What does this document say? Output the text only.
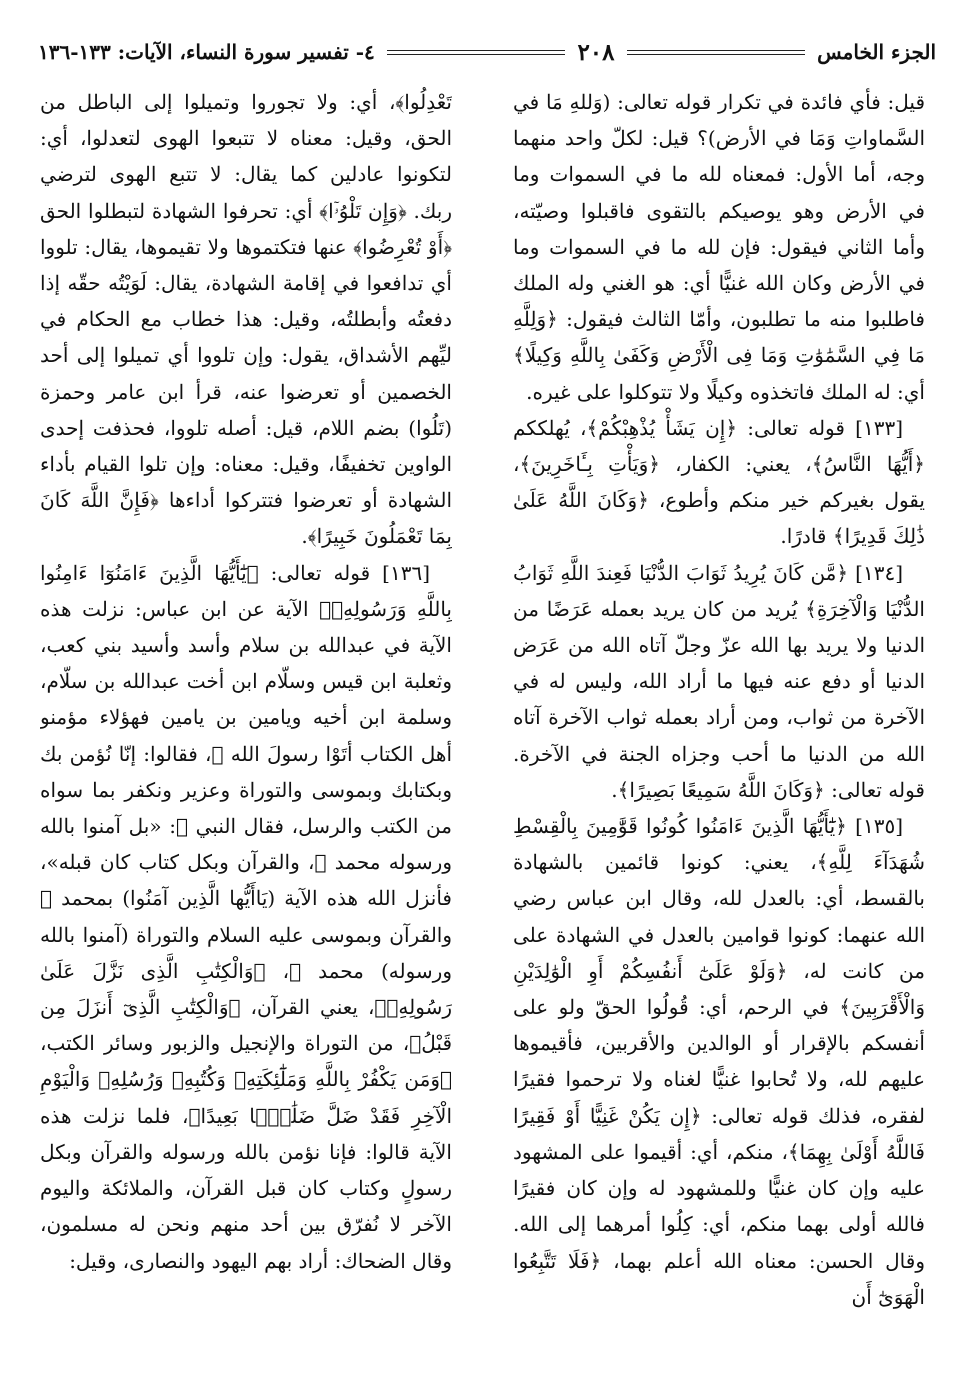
الجزء الخامس
٢٠٨
٤- تفسير سورة النساء، الآيات: ١٣٣-١٣٦

قيل: فأي فائدة في تكرار قوله تعالى: (وَللهِ مَا في السَّماواتِ وَمَا في الأرض)؟ قيل: لكلّ واحد منهما وجه، أما الأول: فمعناه لله ما في السموات وما في الأرض وهو يوصيكم بالتقوى فاقبلوا وصيّته، وأما الثاني فيقول: فإن لله ما في السموات وما في الأرض وكان الله غنيًّا أي: هو الغني وله الملك فاطلبوا منه ما تطلبون، وأمّا الثالث فيقول: ﴿وَلِلَّهِ مَا فِي السَّمَٰوَٰتِ وَمَا فِى الْأَرْضِ وَكَفَىٰ بِاللَّهِ وَكِيلًا﴾ أي: له الملك فاتخذوه وكيلًا ولا تتوكلوا على غيره.

[١٣٣] قوله تعالى: ﴿إِن يَشَأْ يُذْهِبْكُمْ﴾، يُهلككم ﴿أَيُّهَا النَّاسُ﴾، يعني: الكفار، ﴿وَيَأْتِ بِـَٔاخَرِينَ﴾، يقول بغيركم خير منكم وأطوع، ﴿وَكَانَ اللَّهُ عَلَىٰ ذَٰلِكَ قَدِيرًا﴾ قادرًا.

[١٣٤] ﴿مَّن كَانَ يُرِيدُ ثَوَابَ الدُّنْيَا فَعِندَ اللَّهِ ثَوَابُ الدُّنْيَا وَالْآخِرَةِ﴾ يُريد من كان يريد بعمله عَرَضًا من الدنيا ولا يريد بها الله عزّ وجلّ آتاه الله من عَرَض الدنيا أو دفع عنه فيها ما أراد الله، وليس له في الآخرة من ثواب، ومن أراد بعمله ثواب الآخرة آتاه الله من الدنيا ما أحب وجزاه الجنة في الآخرة. قوله تعالى: ﴿وَكَانَ اللَّهُ سَمِيعًا بَصِيرًا﴾.

[١٣٥] ﴿يَٰٓأَيُّهَا الَّذِينَ ءَامَنُوا كُونُوا قَوَّٰمِينَ بِالْقِسْطِ شُهَدَآءَ لِلَّهِ﴾، يعني: كونوا قائمين بالشهادة بالقسط، أي: بالعدل لله، وقال ابن عباس رضي الله عنهما: كونوا قوامين بالعدل في الشهادة على من كانت له، ﴿وَلَوْ عَلَىٰٓ أَنفُسِكُمْ أَوِ الْوَٰلِدَيْنِ وَالْأَقْرَبِينَ﴾ في الرحم، أي: قُولُوا الحقّ ولو على أنفسكم بالإقرار أو الوالدين والأقربين، فأقيموها عليهم لله، ولا تُحابوا غنيًّا لغناه ولا ترحموا فقيرًا لفقره، فذلك قوله تعالى: ﴿إِن يَكُنْ غَنِيًّا أَوْ فَقِيرًا فَاللَّهُ أَوْلَىٰ بِهِمَا﴾، منكم، أي: أقيموا على المشهود عليه وإن كان غنيًّا وللمشهود له وإن كان فقيرًا فالله أولى بهما منكم، أي: كِلُوا أمرهما إلى الله. وقال الحسن: معناه الله أعلم بهما، ﴿فَلَا تَتَّبِعُوا الْهَوَىٰٓ أَن

تَعْدِلُوا﴾، أي: ولا تجوروا وتميلوا إلى الباطل من الحق، وقيل: معناه لا تتبعوا الهوى لتعدلوا، أي: لتكونوا عادلين كما يقال: لا تتبع الهوى لترضي ربك. ﴿وَإِن تَلْوُۥٓا﴾ أي: تحرفوا الشهادة لتبطلوا الحق ﴿أَوْ تُعْرِضُوا﴾ عنها فتكتموها ولا تقيموها، يقال: تلووا أي تدافعوا في إقامة الشهادة، يقال: لَوَيْتُه حقّه إذا دفعتُه وأبطلتُه، وقيل: هذا خطاب مع الحكام في ليِّهم الأشداق، يقول: وإن تلووا أي تميلوا إلى أحد الخصمين أو تعرضوا عنه، قرأ ابن عامر وحمزة (تَلُوا) بضم اللام، قيل: أصله تلووا، فحذفت إحدى الواوين تخفيفًا، وقيل: معناه: وإن تلوا القيام بأداء الشهادة أو تعرضوا فتتركوا أداءها ﴿فَإِنَّ اللَّهَ كَانَ بِمَا تَعْمَلُونَ خَبِيرًا﴾.

[١٣٦] قوله تعالى: ﴿يَٰٓأَيُّهَا الَّذِينَ ءَامَنُوٓا ءَامِنُوا بِاللَّهِ وَرَسُولِهِۦ﴾ الآية عن ابن عباس: نزلت هذه الآية في عبدالله بن سلام وأسد وأسيد بني كعب، وثعلبة ابن قيس وسلّام ابن أخت عبدالله بن سلّام، وسلمة ابن أخيه ويامين بن يامين فهؤلاء مؤمنو أهل الكتاب أتَوْا رسولَ الله ﷺ، فقالوا: إنّا نُؤمن بك وبكتابك وبموسى والتوراة وعزير ونكفر بما سواه من الكتب والرسل، فقال النبي ﷺ: «بل آمنوا بالله ورسوله محمد ﷺ، والقرآن وبكل كتاب كان قبله»، فأنزل الله هذه الآية (يَاأَيُّها الَّذِين آمَنُوا) بمحمد ﷺ والقرآن وبموسى عليه السلام والتوراة (آمنوا بالله ورسوله) محمد ﷺ، ﴿وَالْكِتَٰبِ الَّذِى نَزَّلَ عَلَىٰ رَسُولِهِۦ﴾، يعني القرآن، ﴿وَالْكِتَٰبِ الَّذِىٓ أَنزَلَ مِن قَبْلُ﴾، من التوراة والإنجيل والزبور وسائر الكتب، ﴿وَمَن يَكْفُرْ بِاللَّهِ وَمَلَٰٓئِكَتِهِۦ وَكُتُبِهِۦ وَرُسُلِهِۦ وَالْيَوْمِ الْآخِرِ فَقَدْ ضَلَّ ضَلَٰلًۢا بَعِيدًا﴾، فلما نزلت هذه الآية قالوا: فإنا نؤمن بالله ورسوله والقرآن وبكل رسولٍ وكتاب كان قبل القرآن، والملائكة واليوم الآخر لا نُفرّق بين أحد منهم ونحن له مسلمون، وقال الضحاك: أراد بهم اليهود والنصارى، وقيل:
